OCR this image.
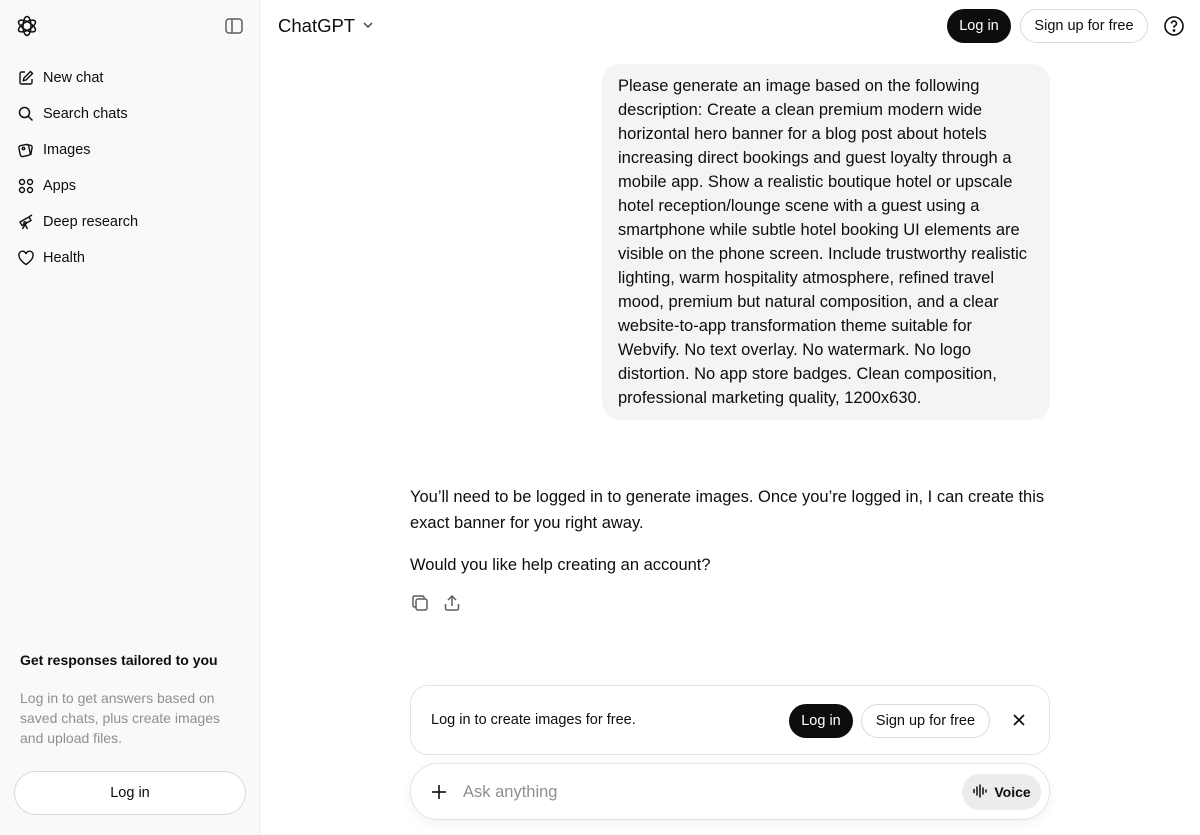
New chat
Search chats
Images
Apps
Deep research
Health
Get responses tailored to you
Log in to get answers based on saved chats, plus create images and upload files.
Log in
ChatGPT	Log in	Sign up for free
Please generate an image based on the following description: Create a clean premium modern wide horizontal hero banner for a blog post about hotels increasing direct bookings and guest loyalty through a mobile app. Show a realistic boutique hotel or upscale hotel reception/lounge scene with a guest using a smartphone while subtle hotel booking UI elements are visible on the phone screen. Include trustworthy realistic lighting, warm hospitality atmosphere, refined travel mood, premium but natural composition, and a clear website-to-app transformation theme suitable for Webvify. No text overlay. No watermark. No logo distortion. No app store badges. Clean composition, professional marketing quality, 1200x630.

You’ll need to be logged in to generate images. Once you’re logged in, I can create this exact banner for you right away.

Would you like help creating an account?

Log in to create images for free.	Log in	Sign up for free
Ask anything
Voice
